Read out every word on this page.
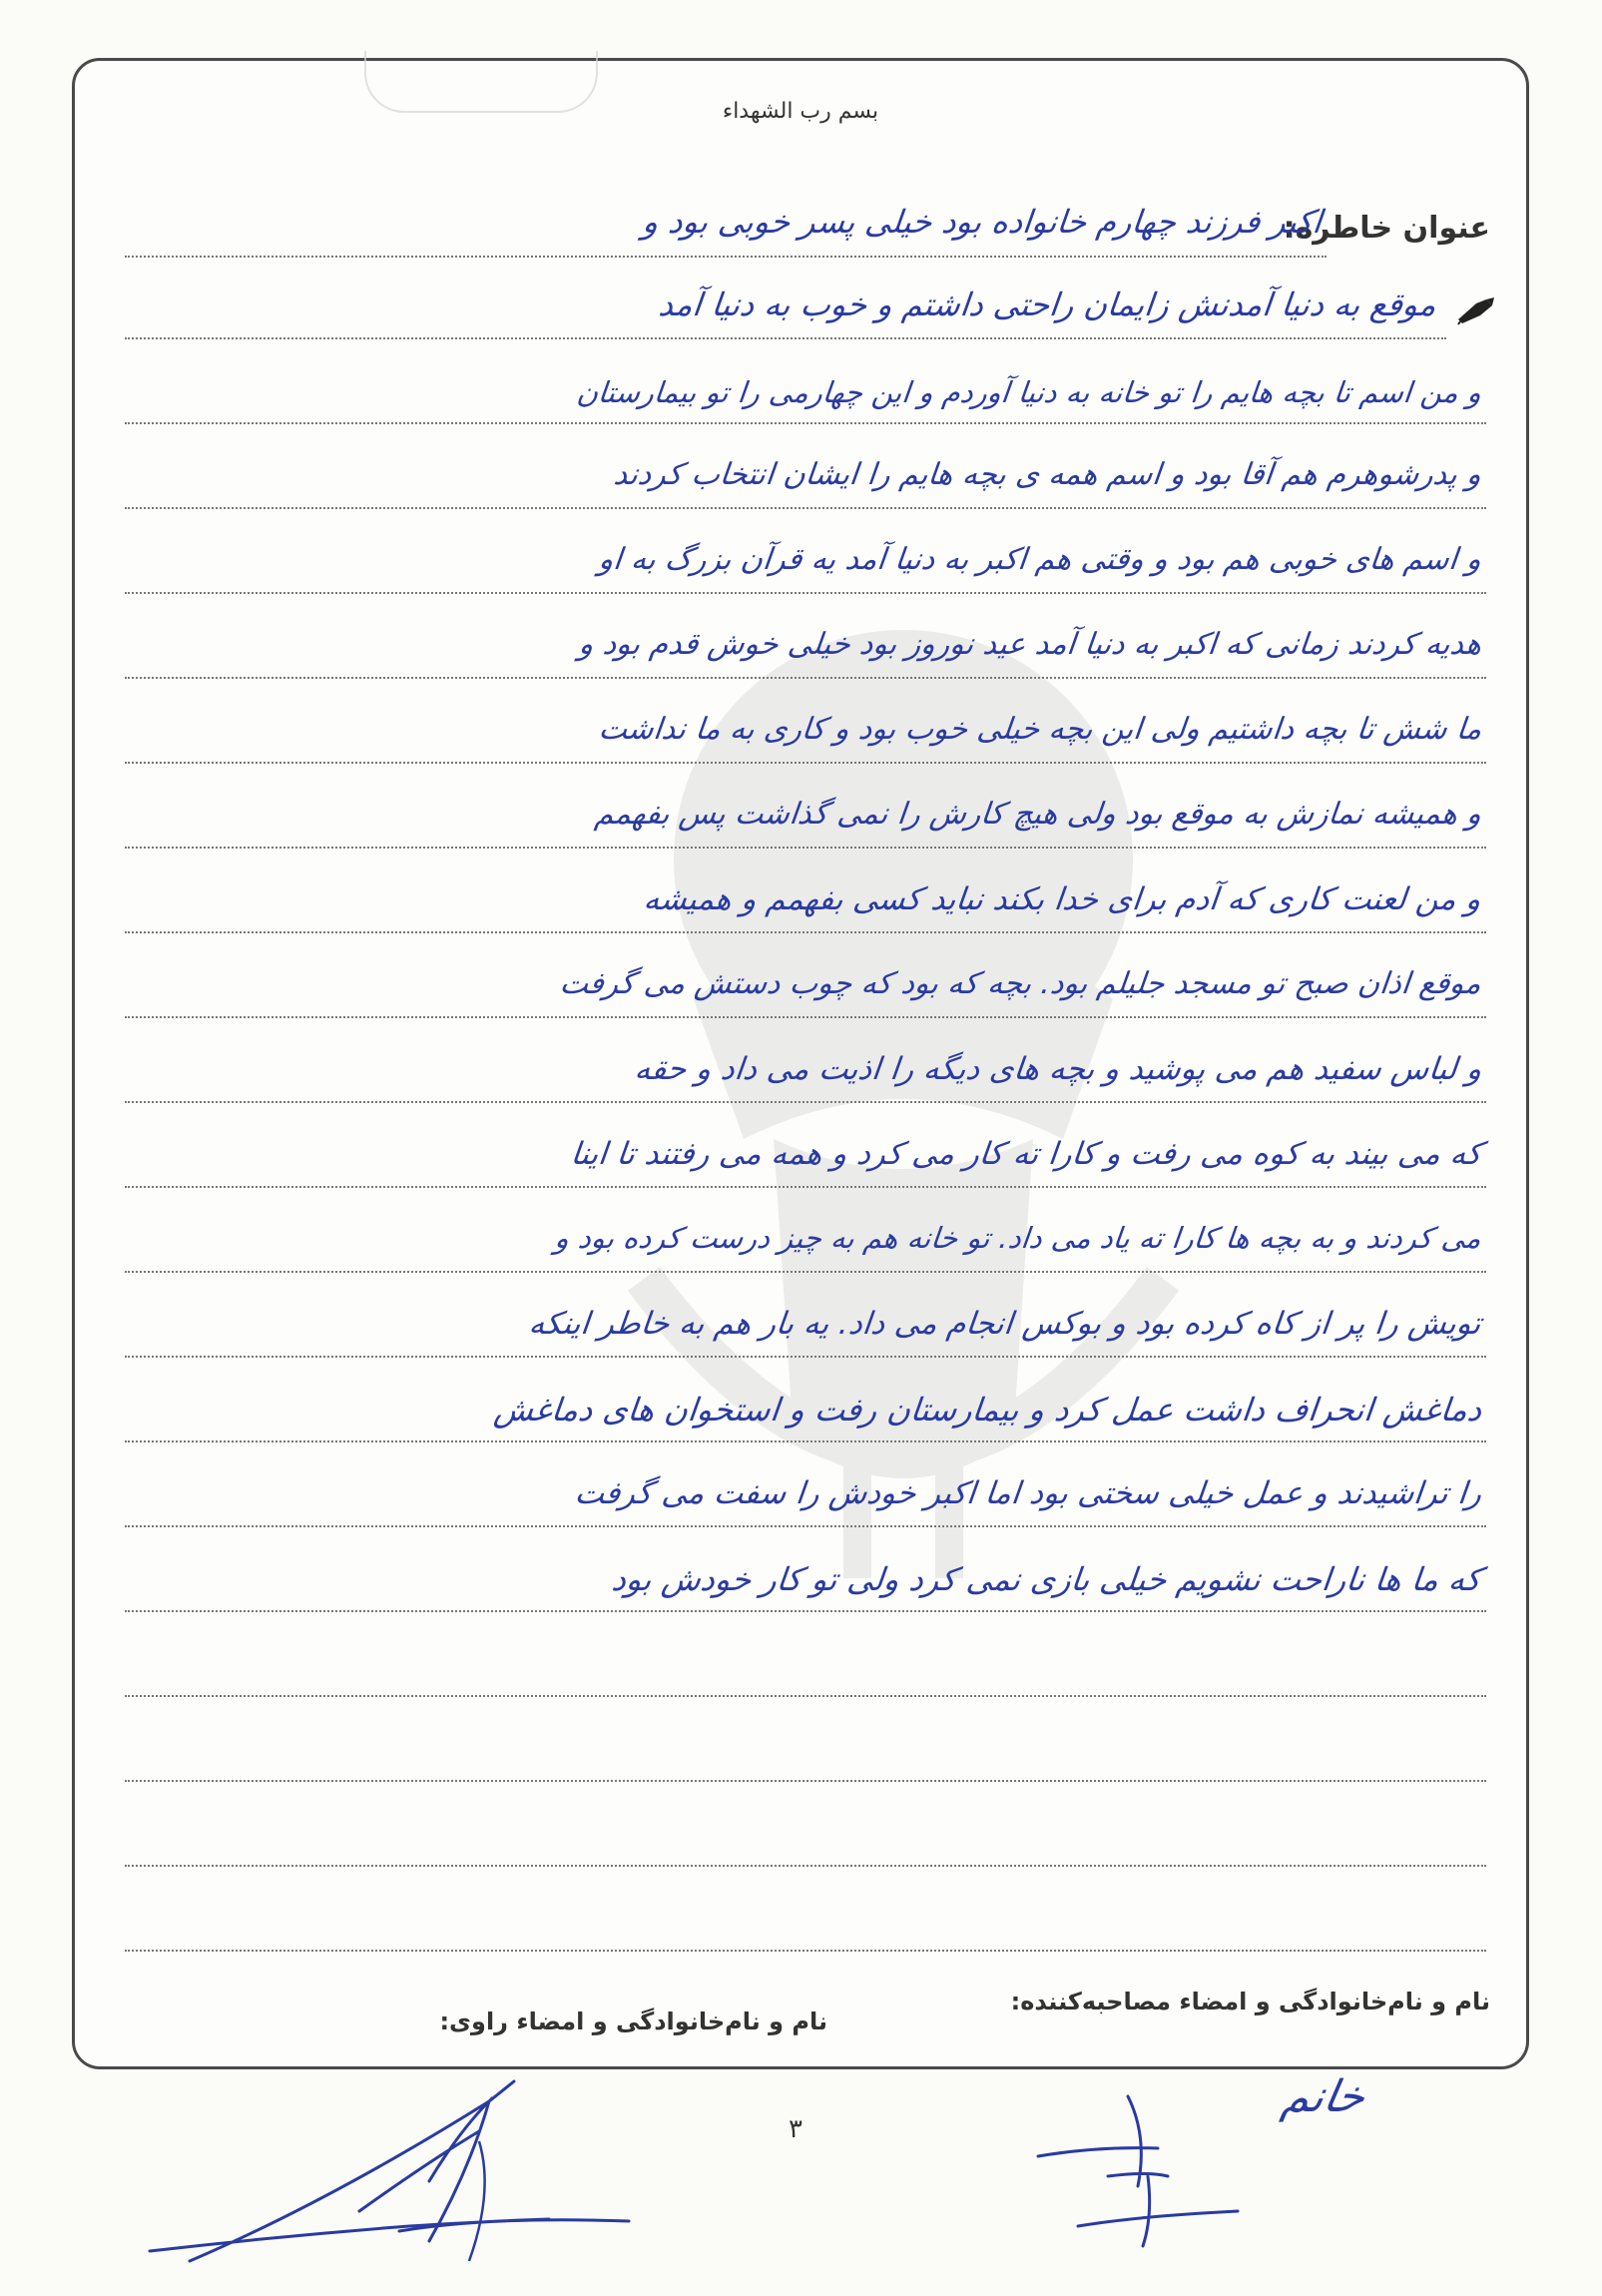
بسم رب الشهداء
عنوان خاطره:
اکبر فرزند چهارم خانواده بود خیلی پسر خوبی بود و
موقع به دنیا آمدنش زایمان راحتی داشتم و خوب به دنیا آمد
و من اسم تا بچه هایم را تو خانه به دنیا آوردم و این چهارمی را تو بیمارستان
و پدرشوهرم هم آقا بود و اسم همه ی بچه هایم را ایشان انتخاب کردند
و اسم های خوبی هم بود و وقتی هم اکبر به دنیا آمد یه قرآن بزرگ به او
هدیه کردند زمانی که اکبر به دنیا آمد عید نوروز بود خیلی خوش قدم بود و
ما شش تا بچه داشتیم ولی این بچه خیلی خوب بود و کاری به ما نداشت
و همیشه نمازش به موقع بود ولی هیچ کارش را نمی گذاشت پس بفهمم
و من لعنت کاری که آدم برای خدا بکند نباید کسی بفهمم و همیشه
موقع اذان صبح تو مسجد جلیلم بود. بچه که بود که چوب دستش می گرفت
و لباس سفید هم می پوشید و بچه های دیگه را اذیت می داد و حقه
که می بیند به کوه می رفت و کارا ته کار می کرد و همه می رفتند تا اینا
می کردند و به بچه ها کارا ته یاد می داد. تو خانه هم به چیز درست کرده بود و
تویش را پر از کاه کرده بود و بوکس انجام می داد. یه بار هم به خاطر اینکه
دماغش انحراف داشت عمل کرد و بیمارستان رفت و استخوان های دماغش
را تراشیدند و عمل خیلی سختی بود اما اکبر خودش را سفت می گرفت
که ما ها ناراحت نشویم خیلی بازی نمی کرد ولی تو کار خودش بود
نام و نام‌خانوادگی و امضاء مصاحبه‌کننده:
نام و نام‌خانوادگی و امضاء راوی:
۳
خانم
